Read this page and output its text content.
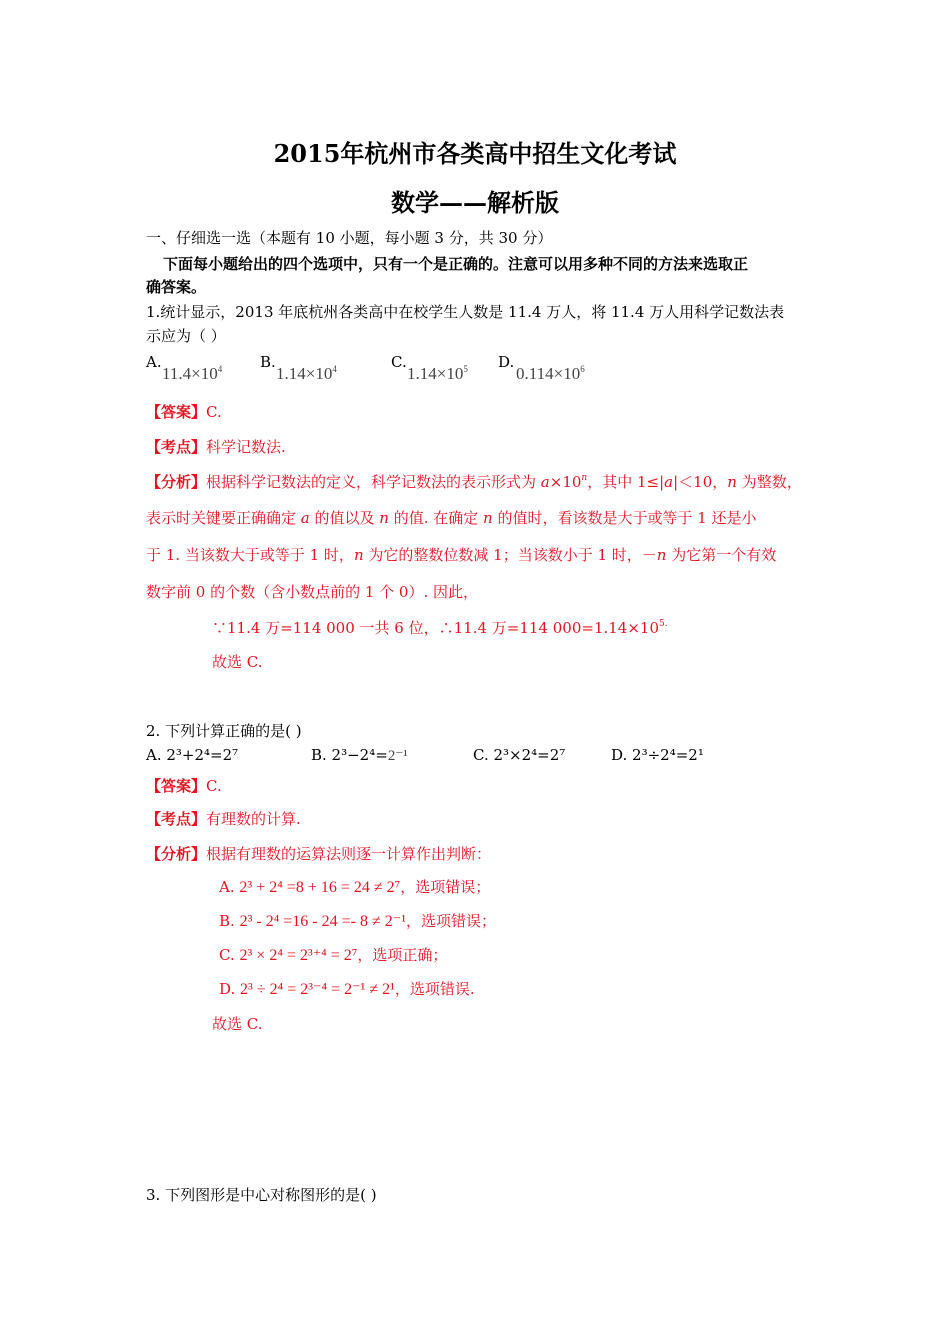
2015年杭州市各类高中招生文化考试
数学——解析版
一、仔细选一选（本题有 10 小题，每小题 3 分，共 30 分）
下面每小题给出的四个选项中，只有一个是正确的。注意可以用多种不同的方法来选取正
确答案。
1.统计显示，2013 年底杭州各类高中在校学生人数是 11.4 万人，将 11.4 万人用科学记数法表
示应为（ ）
A.
$11.4\times 10^4$	B.
$1.14\times 10^4$	C.
$1.14\times 10^5$ D.
$0.114\times 10^6$
【答案】C.
【考点】科学记数法.
【分析】根据科学记数法的定义，科学记数法的表示形式为 $a\times 10^n$，其中 1≤|a|＜10，n 为整数，
表示时关键要正确确定 a 的值以及 n 的值. 在确定 n 的值时，看该数是大于或等于 1 还是小
于 1. 当该数大于或等于 1 时，n 为它的整数位数减 1；当该数小于 1 时，－n 为它第一个有效
数字前 0 的个数（含小数点前的 1 个 0）. 因此，
∵11.4 万=114 000 一共 6 位，∴11.4 万=114 $000=1.14\times 10^{5.}$
故选 C.
2. 下列计算正确的是( )
A. 2³+2⁴=2⁷	B. 2³−2⁴=2⁻¹	C. 2³×2⁴=2⁷	D. 2³÷2⁴=2¹
【答案】C.
【考点】有理数的计算.
【分析】根据有理数的运算法则逐一计算作出判断：
A. 2³ + 2⁴ =8 + 16 = 24 ≠ 2⁷，选项错误；
B. 2³ - 2⁴ =16 - 24 =- 8 ≠ 2⁻¹，选项错误；
C. 2³ × 2⁴ = 2³⁺⁴ = 2⁷，选项正确；
D. 2³ ÷ 2⁴ = 2³⁻⁴ = 2⁻¹ ≠ 2¹，选项错误.
故选 C.
3. 下列图形是中心对称图形的是( )
